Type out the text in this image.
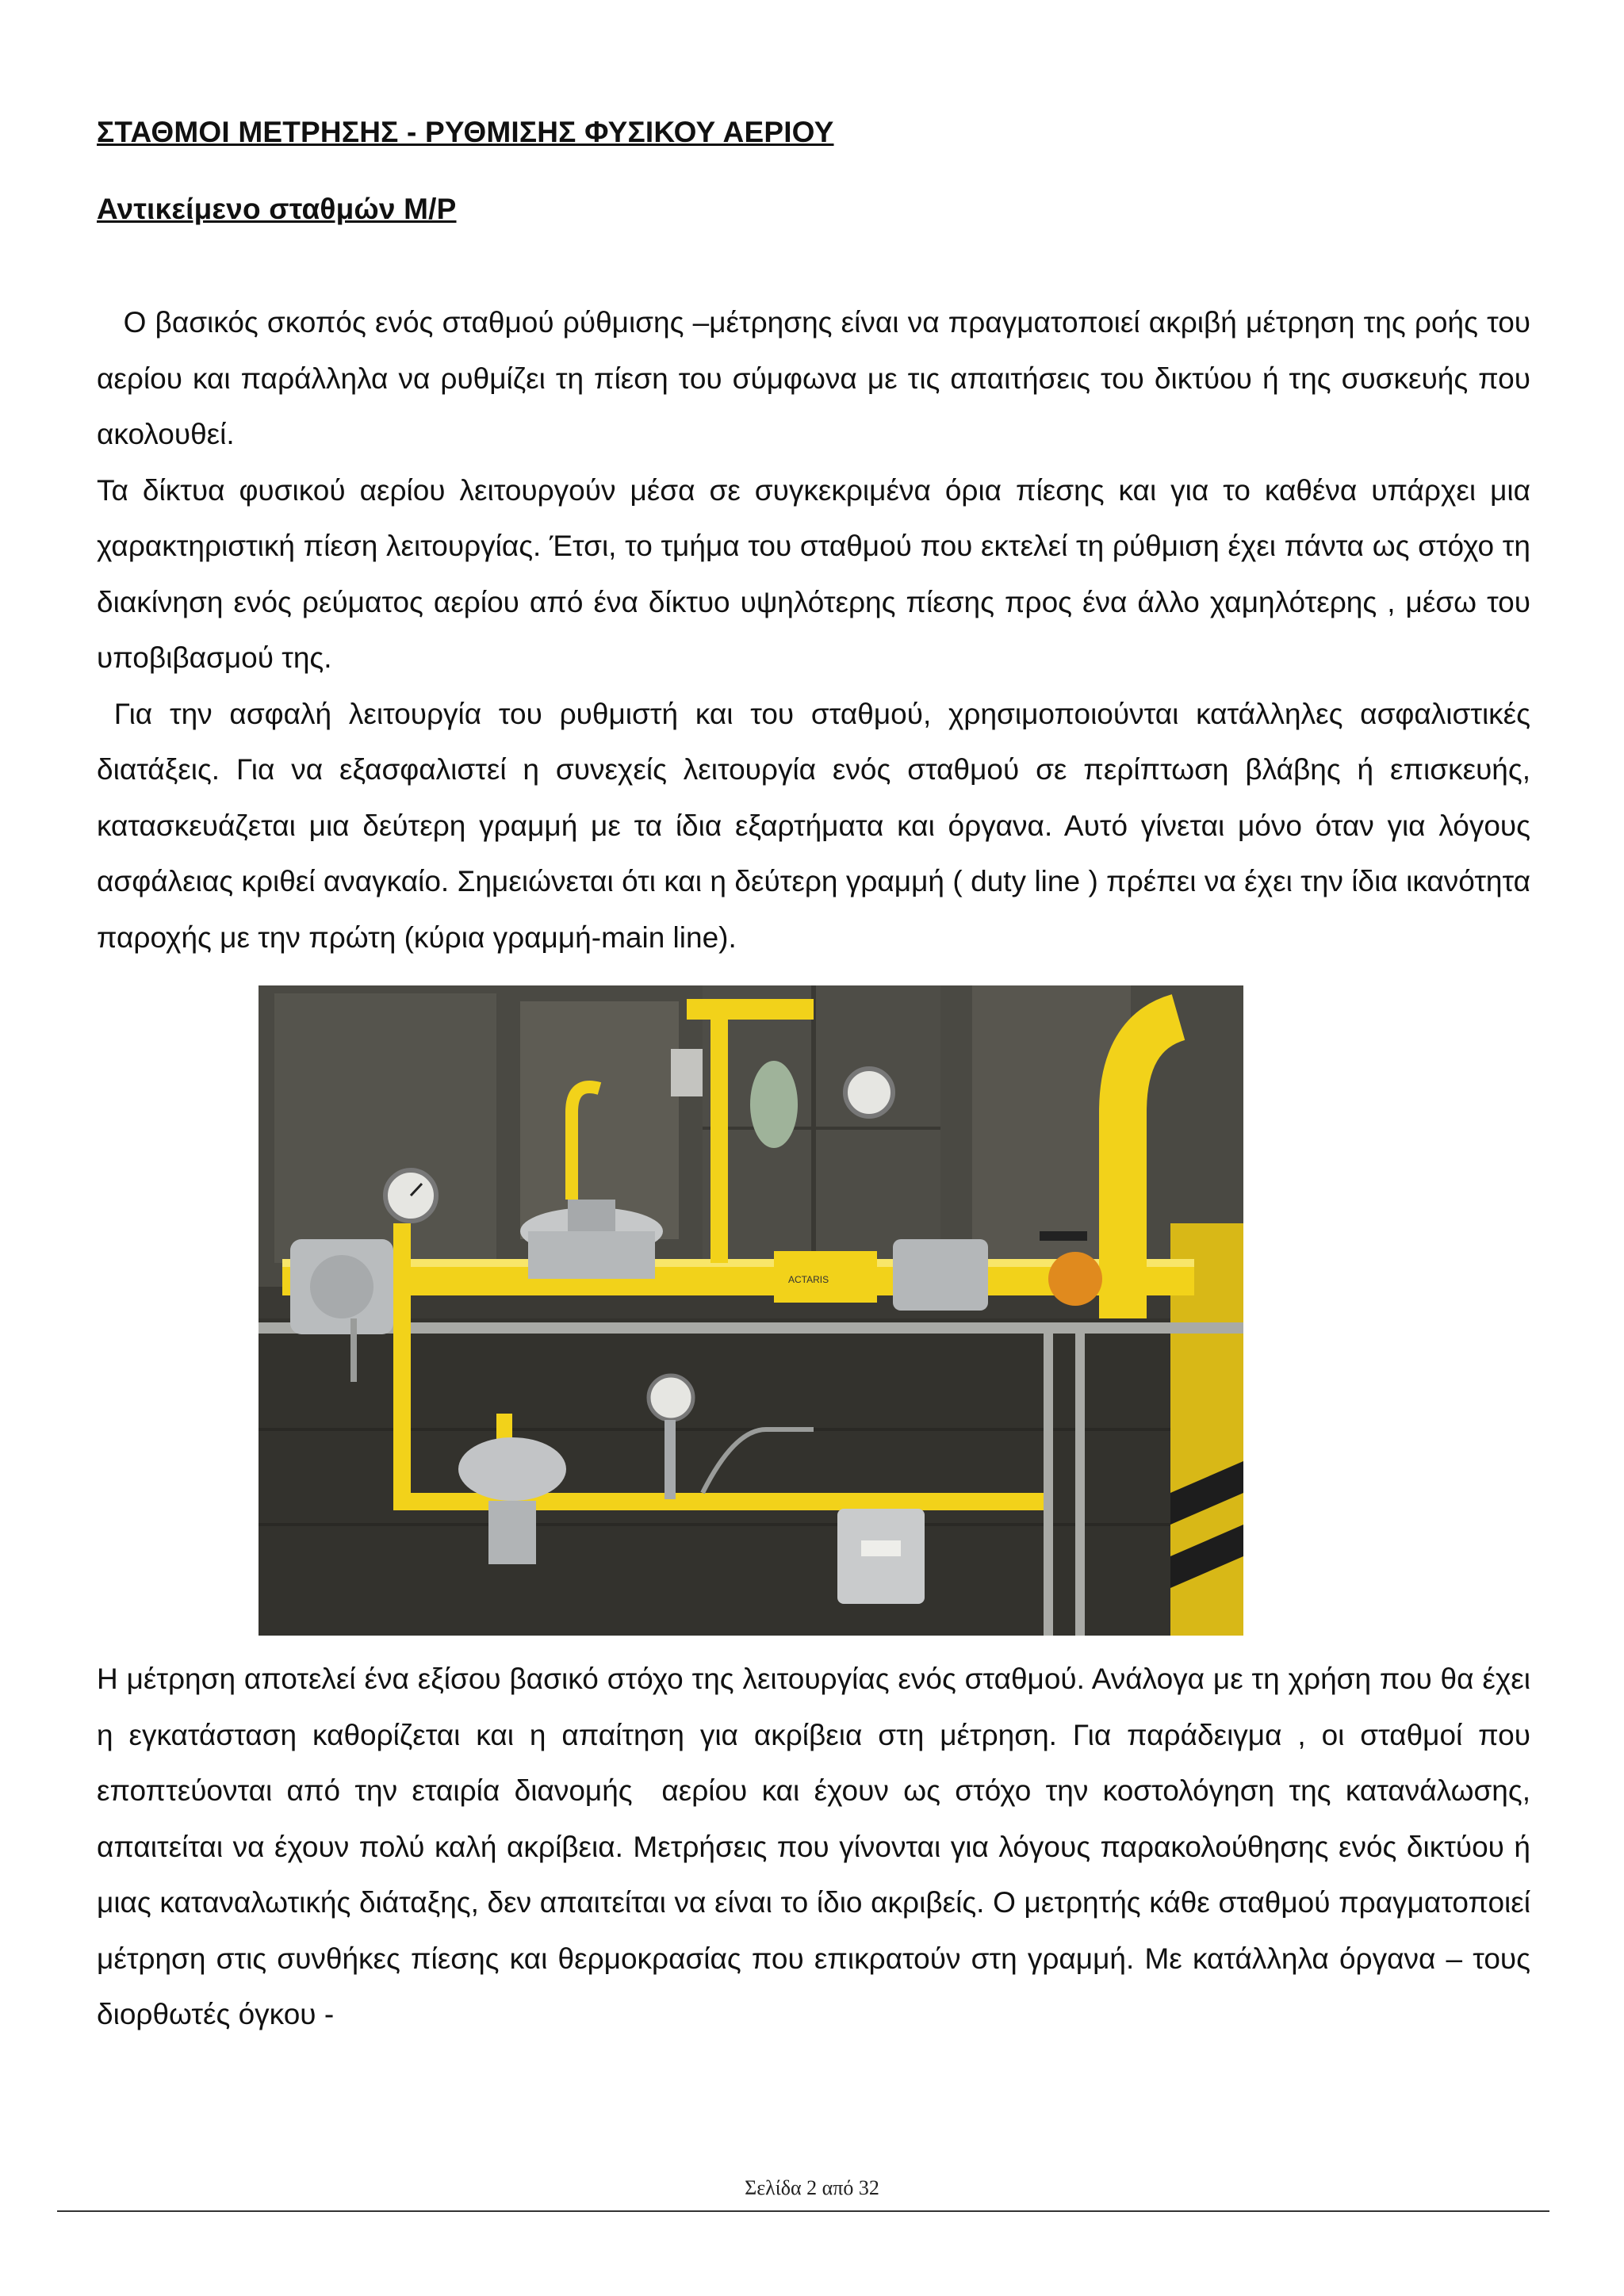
ΣΤΑΘΜΟΙ ΜΕΤΡΗΣΗΣ - ΡΥΘΜΙΣΗΣ ΦΥΣΙΚΟΥ ΑΕΡΙΟΥ
Αντικείμενο σταθμών Μ/Ρ

Ο βασικός σκοπός ενός σταθμού ρύθμισης –μέτρησης είναι να πραγματοποιεί ακριβή μέτρηση της ροής του αερίου και παράλληλα να ρυθμίζει τη πίεση του σύμφωνα με τις απαιτήσεις του δικτύου ή της συσκευής που ακολουθεί.

Τα δίκτυα φυσικού αερίου λειτουργούν μέσα σε συγκεκριμένα όρια πίεσης και για το καθένα υπάρχει μια χαρακτηριστική πίεση λειτουργίας. Έτσι, το τμήμα του σταθμού που εκτελεί τη ρύθμιση έχει πάντα ως στόχο τη διακίνηση ενός ρεύματος αερίου από ένα δίκτυο υψηλότερης πίεσης προς ένα άλλο χαμηλότερης , μέσω του υποβιβασμού της.

Για την ασφαλή λειτουργία του ρυθμιστή και του σταθμού, χρησιμοποιούνται κατάλληλες ασφαλιστικές διατάξεις. Για να εξασφαλιστεί η συνεχείς λειτουργία ενός σταθμού σε περίπτωση βλάβης ή επισκευής, κατασκευάζεται μια δεύτερη γραμμή με τα ίδια εξαρτήματα και όργανα. Αυτό γίνεται μόνο όταν για λόγους ασφάλειας κριθεί αναγκαίο. Σημειώνεται ότι και η δεύτερη γραμμή ( duty line ) πρέπει να έχει την ίδια ικανότητα παροχής με την πρώτη (κύρια γραμμή-main line).

ACTARIS

Η μέτρηση αποτελεί ένα εξίσου βασικό στόχο της λειτουργίας ενός σταθμού. Ανάλογα με τη χρήση που θα έχει η εγκατάσταση καθορίζεται και η απαίτηση για ακρίβεια στη μέτρηση. Για παράδειγμα , οι σταθμοί που εποπτεύονται από την εταιρία διανομής  αερίου και έχουν ως στόχο την κοστολόγηση της κατανάλωσης, απαιτείται να έχουν πολύ καλή ακρίβεια. Μετρήσεις που γίνονται για λόγους παρακολούθησης ενός δικτύου ή μιας καταναλωτικής διάταξης, δεν απαιτείται να είναι το ίδιο ακριβείς. Ο μετρητής κάθε σταθμού πραγματοποιεί μέτρηση στις συνθήκες πίεσης και θερμοκρασίας που επικρατούν στη γραμμή. Με κατάλληλα όργανα – τους διορθωτές όγκου -

Σελίδα 2 από 32
